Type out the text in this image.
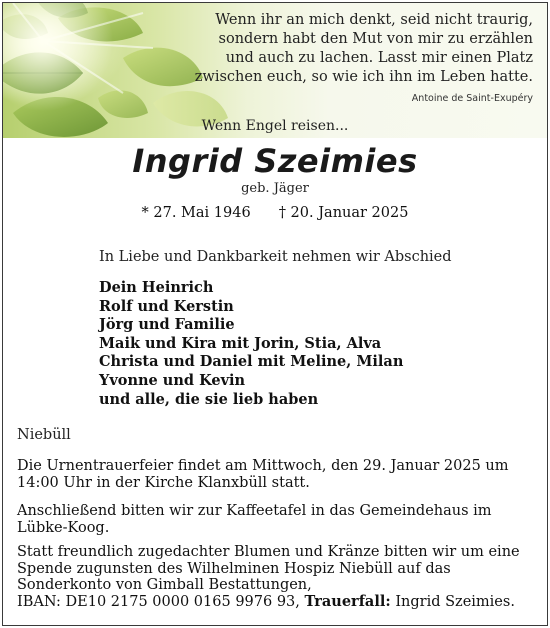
Wenn ihr an mich denkt, seid nicht traurig,
sondern habt den Mut von mir zu erzählen
und auch zu lachen. Lasst mir einen Platz
zwischen euch, so wie ich ihn im Leben hatte.
Antoine de Saint-Exupéry
Wenn Engel reisen...
Ingrid Szeimies
geb. Jäger
* 27. Mai 1946 † 20. Januar 2025
In Liebe und Dankbarkeit nehmen wir Abschied
Dein Heinrich
Rolf und Kerstin
Jörg und Familie
Maik und Kira mit Jorin, Stia, Alva
Christa und Daniel mit Meline, Milan
Yvonne und Kevin
und alle, die sie lieb haben
Niebüll

Die Urnentrauerfeier findet am Mittwoch, den 29. Januar 2025 um 14:00 Uhr in der Kirche Klanxbüll statt.

Anschließend bitten wir zur Kaffeetafel in das Gemeindehaus im Lübke-Koog.

Statt freundlich zugedachter Blumen und Kränze bitten wir um eine Spende zugunsten des Wilhelminen Hospiz Niebüll auf das Sonderkonto von Gimball Bestattungen,
IBAN: DE10 2175 0000 0165 9976 93, Trauerfall: Ingrid Szeimies.
